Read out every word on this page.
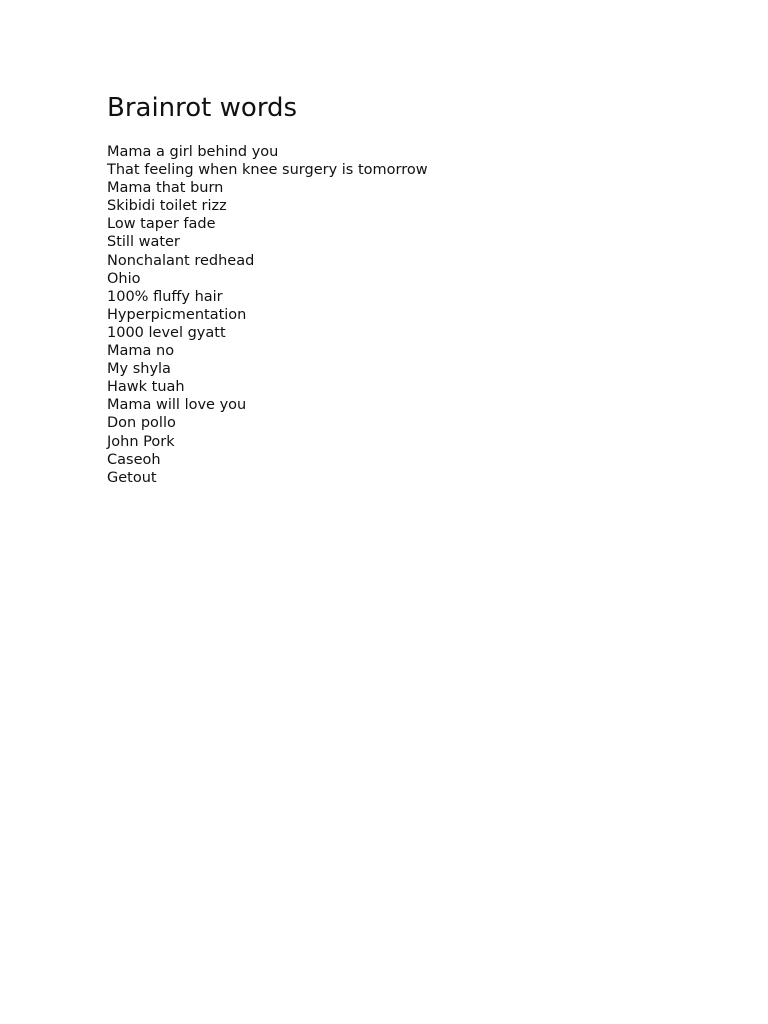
Brainrot words
Mama a girl behind you
That feeling when knee surgery is tomorrow
Mama that burn
Skibidi toilet rizz
Low taper fade
Still water
Nonchalant redhead
Ohio
100% fluffy hair
Hyperpicmentation
1000 level gyatt
Mama no
My shyla
Hawk tuah
Mama will love you
Don pollo
John Pork
Caseoh
Getout
